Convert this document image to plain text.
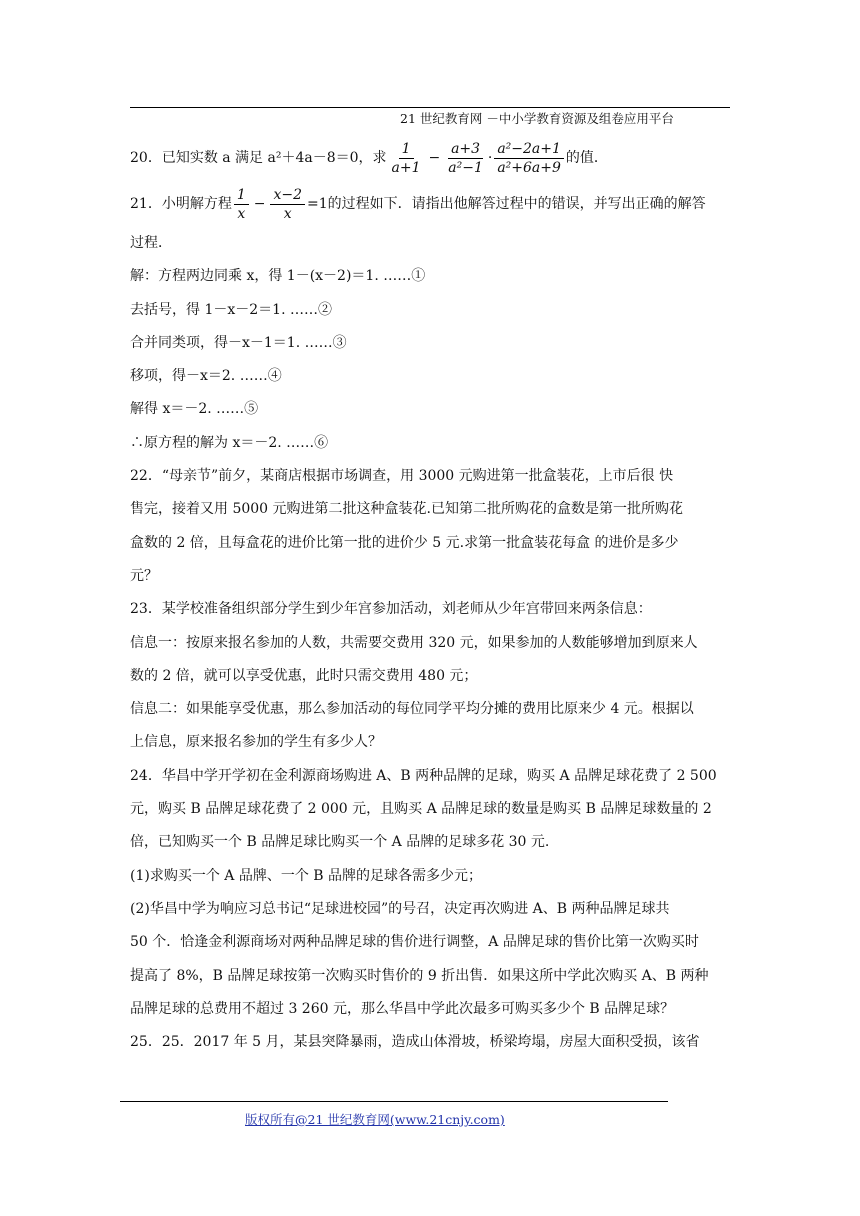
21 世纪教育网 －中小学教育资源及组卷应用平台
20．已知实数 a 满足 a²＋4a－8＝0，求 $\frac{1}{a+1} - \frac{a+3}{\text{a²−1}} \cdot \frac{\text{a²−2a+1}}{\text{a²+6a+9}}$ 的值．
21．小明解方程 $\frac{1}{x} - \frac{x-2}{x} =1$ 的过程如下．请指出他解答过程中的错误，并写出正确的解答
过程．
解：方程两边同乘 x，得 1－(x－2)＝1. ……①
去括号，得 1－x－2＝1. ……②
合并同类项，得－x－1＝1. ……③
移项，得－x＝2. ……④
解得 x＝－2. ……⑤
∴原方程的解为 x＝－2. ……⑥
22．“母亲节”前夕，某商店根据市场调查，用 3000 元购进第一批盒装花，上市后很 快
售完，接着又用 5000 元购进第二批这种盒装花.已知第二批所购花的盒数是第一批所购花
盒数的 2 倍，且每盒花的进价比第一批的进价少 5 元.求第一批盒装花每盒 的进价是多少
元？
23．某学校准备组织部分学生到少年宫参加活动，刘老师从少年宫带回来两条信息：
信息一：按原来报名参加的人数，共需要交费用 320 元，如果参加的人数能够增加到原来人
数的 2 倍，就可以享受优惠，此时只需交费用 480 元；
信息二：如果能享受优惠，那么参加活动的每位同学平均分摊的费用比原来少 4 元。根据以
上信息，原来报名参加的学生有多少人？
24．华昌中学开学初在金利源商场购进 A、B 两种品牌的足球，购买 A 品牌足球花费了 2 500
元，购买 B 品牌足球花费了 2 000 元，且购买 A 品牌足球的数量是购买 B 品牌足球数量的 2
倍，已知购买一个 B 品牌足球比购买一个 A 品牌的足球多花 30 元.
(1)求购买一个 A 品牌、一个 B 品牌的足球各需多少元；
(2)华昌中学为响应习总书记“足球进校园”的号召，决定再次购进 A、B 两种品牌足球共
50 个．恰逢金利源商场对两种品牌足球的售价进行调整，A 品牌足球的售价比第一次购买时
提高了 8%，B 品牌足球按第一次购买时售价的 9 折出售．如果这所中学此次购买 A、B 两种
品牌足球的总费用不超过 3 260 元，那么华昌中学此次最多可购买多少个 B 品牌足球？
25．25．2017 年 5 月，某县突降暴雨，造成山体滑坡，桥梁垮塌，房屋大面积受损，该省
版权所有@21 世纪教育网(www.21cnjy.com)
